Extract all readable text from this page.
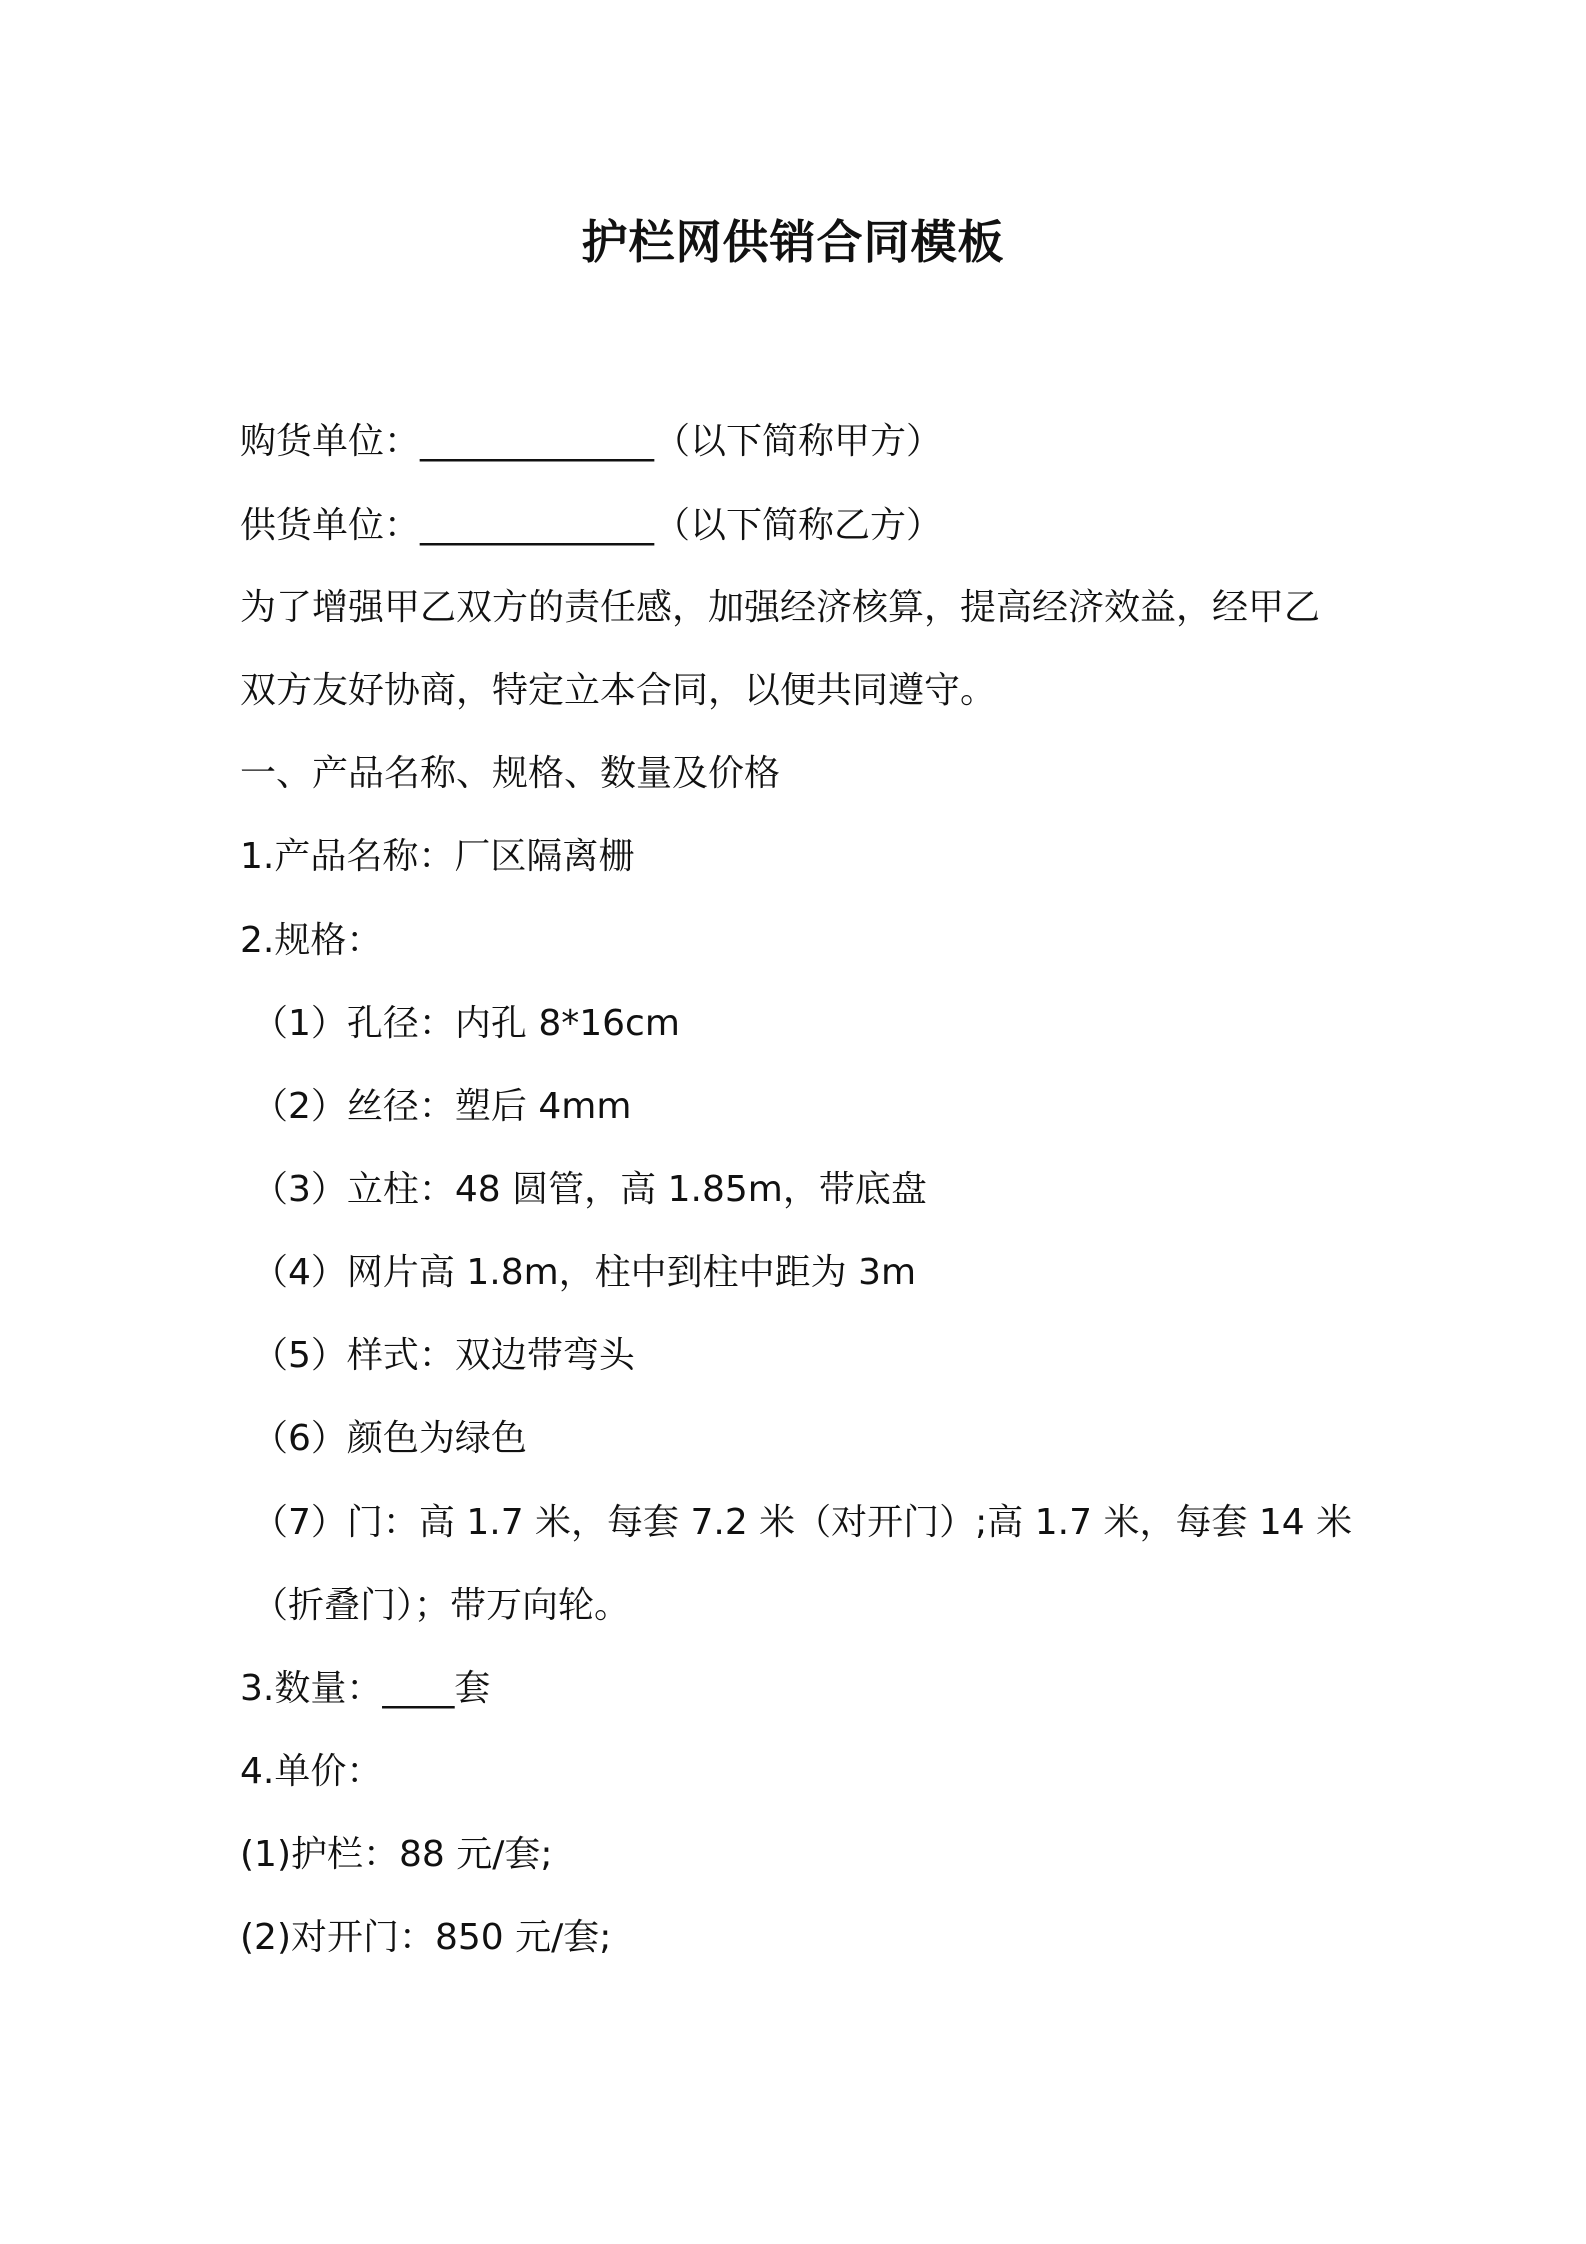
护栏网供销合同模板
购货单位：_____________（以下简称甲方）
供货单位：_____________（以下简称乙方）
为了增强甲乙双方的责任感，加强经济核算，提高经济效益，经甲乙
双方友好协商，特定立本合同，以便共同遵守。
一、产品名称、规格、数量及价格
1.产品名称：厂区隔离栅
2.规格：
（1）孔径：内孔 8*16cm
（2）丝径：塑后 4mm
（3）立柱：48 圆管，高 1.85m，带底盘
（4）网片高 1.8m，柱中到柱中距为 3m
（5）样式：双边带弯头
（6）颜色为绿色
（7）门：高 1.7 米，每套 7.2 米（对开门）;高 1.7 米，每套 14 米
（折叠门）；带万向轮。
3.数量：____套
4.单价：
(1)护栏：88 元/套;
(2)对开门：850 元/套;
